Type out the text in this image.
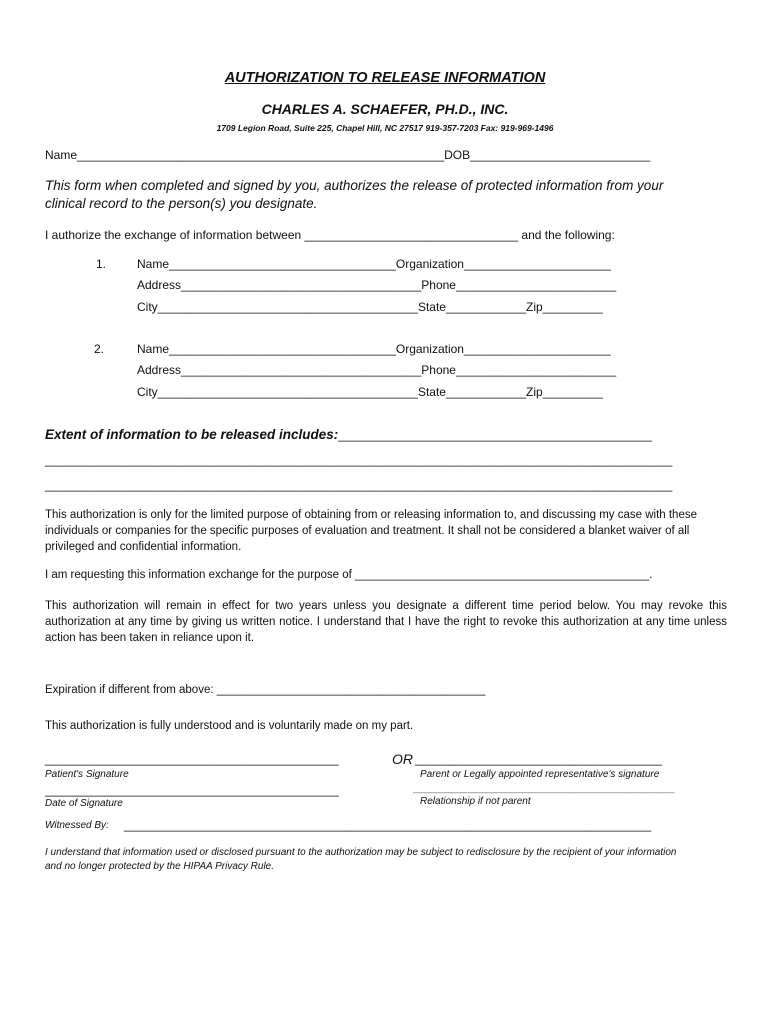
AUTHORIZATION TO RELEASE INFORMATION
CHARLES A. SCHAEFER, PH.D., INC.
1709 Legion Road, Suite 225, Chapel Hill, NC 27517 919-357-7203 Fax: 919-969-1496
Name_______________________________________________________DOB___________________________
This form when completed and signed by you, authorizes the release of protected information from your clinical record to the person(s) you designate.
I authorize the exchange of information between ________________________________ and the following:
1.	Name__________________________________Organization______________________
Address____________________________________Phone________________________
City_______________________________________State____________Zip_________
2.	Name__________________________________Organization______________________
Address____________________________________Phone________________________
City_______________________________________State____________Zip_________
Extent of information to be released includes:_______________________________________________
______________________________________________________________________________________________
______________________________________________________________________________________________
This authorization is only for the limited purpose of obtaining from or releasing information to, and discussing my case with these individuals or companies for the specific purposes of evaluation and treatment. It shall not be considered a blanket waiver of all privileged and confidential information.
I am requesting this information exchange for the purpose of ______________________________________________.
This authorization will remain in effect for two years unless you designate a different time period below. You may revoke this authorization at any time by giving us written notice. I understand that I have the right to revoke this authorization at any time unless action has been taken in reliance upon it.
Expiration if different from above: __________________________________________
This authorization is fully understood and is voluntarily made on my part.
____________________________________________	OR _____________________________________
Patient's Signature	Parent or Legally appointed representative's signature
____________________________________________	_______________________________________________
Date of Signature	Relationship if not parent
Witnessed By: _______________________________________________________________________________
I understand that information used or disclosed pursuant to the authorization may be subject to redisclosure by the recipient of your information and no longer protected by the HIPAA Privacy Rule.
